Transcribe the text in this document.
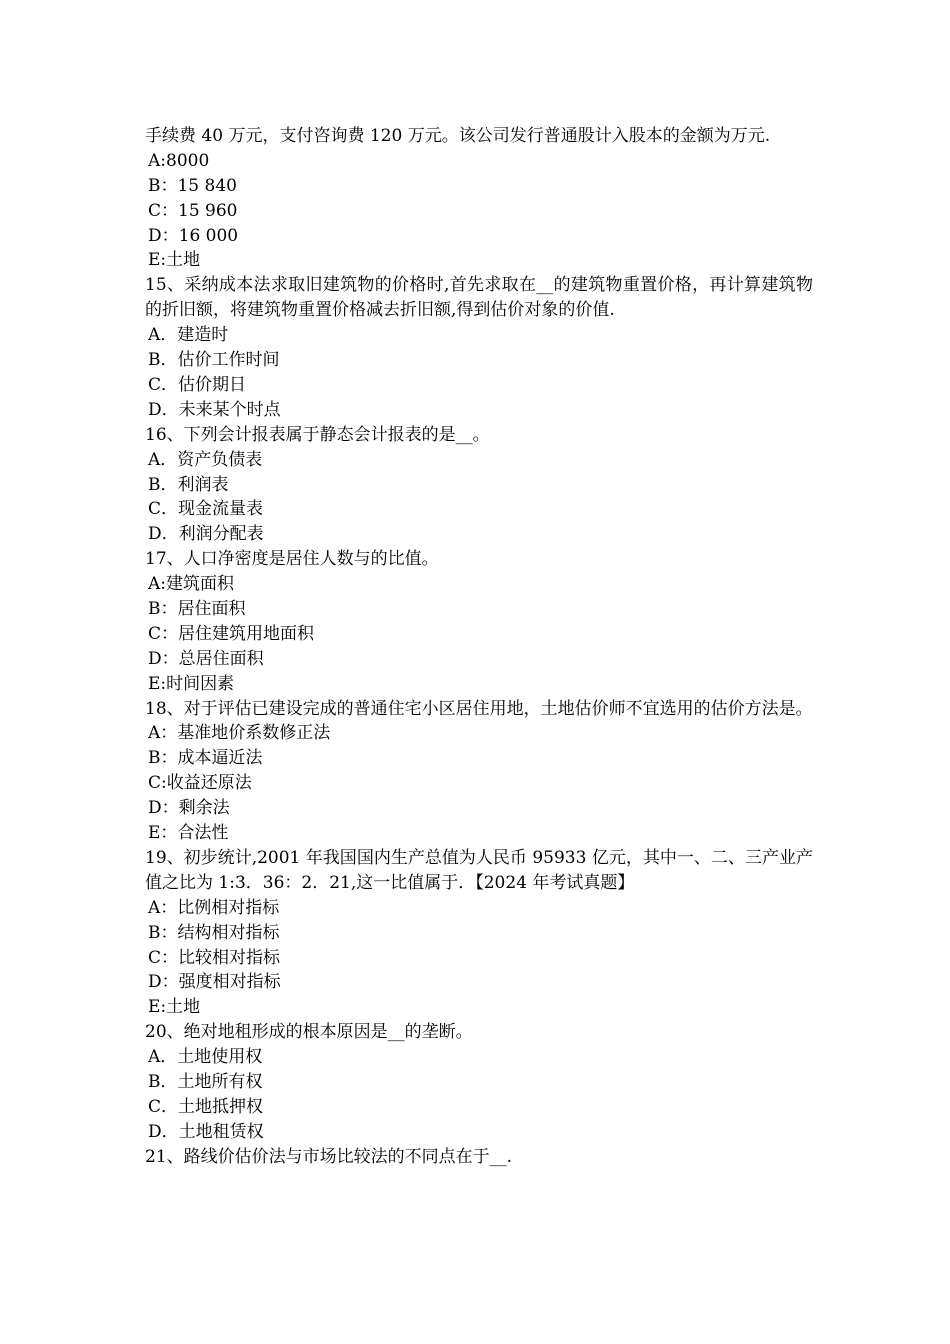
手续费 40 万元，支付咨询费 120 万元。该公司发行普通股计入股本的金额为万元.
A:8000
B：15 840
C：15 960
D：16 000
E:土地
15、采纳成本法求取旧建筑物的价格时,首先求取在__的建筑物重置价格，再计算建筑物的折旧额，将建筑物重置价格减去折旧额,得到估价对象的价值.
A．建造时
B．估价工作时间
C．估价期日
D．未来某个时点
16、下列会计报表属于静态会计报表的是__。
A．资产负债表
B．利润表
C．现金流量表
D．利润分配表
17、人口净密度是居住人数与的比值。
A:建筑面积
B：居住面积
C：居住建筑用地面积
D：总居住面积
E:时间因素
18、对于评估已建设完成的普通住宅小区居住用地，土地估价师不宜选用的估价方法是。
A：基准地价系数修正法
B：成本逼近法
C:收益还原法
D：剩余法
E：合法性
19、初步统计,2001 年我国国内生产总值为人民币 95933 亿元，其中一、二、三产业产值之比为 1:3．36：2．21,这一比值属于．【2024 年考试真题】
A：比例相对指标
B：结构相对指标
C：比较相对指标
D：强度相对指标
E:土地
20、绝对地租形成的根本原因是__的垄断。
A．土地使用权
B．土地所有权
C．土地抵押权
D．土地租赁权
21、路线价估价法与市场比较法的不同点在于__.
